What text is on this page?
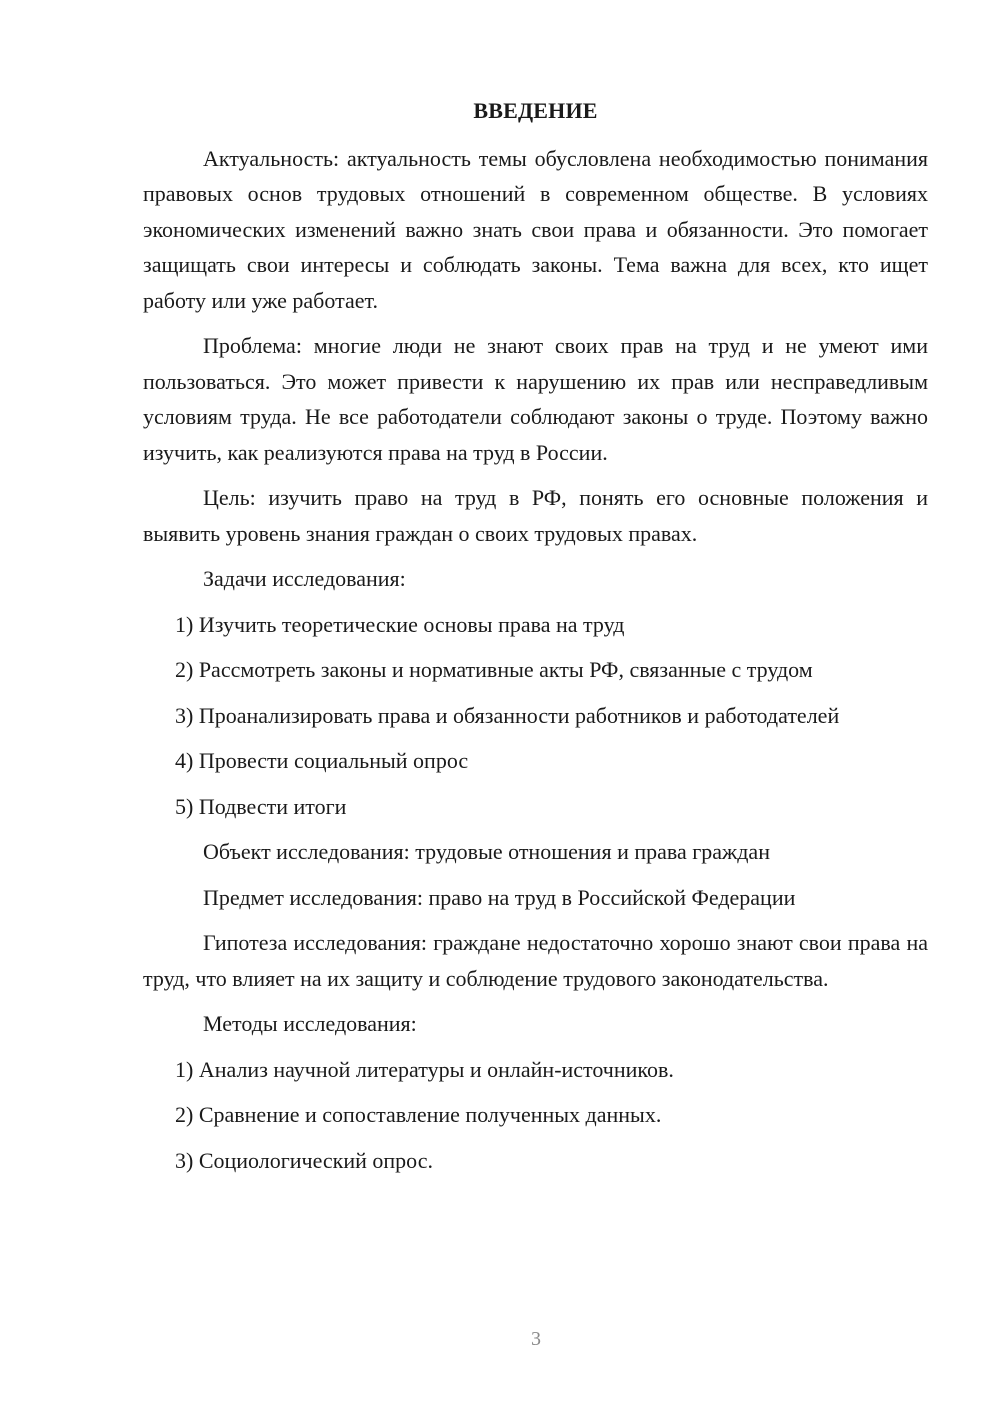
ВВЕДЕНИЕ

Актуальность: актуальность темы обусловлена необходимостью понимания правовых основ трудовых отношений в современном обществе. В условиях экономических изменений важно знать свои права и обязанности. Это помогает защищать свои интересы и соблюдать законы. Тема важна для всех, кто ищет работу или уже работает.

Проблема: многие люди не знают своих прав на труд и не умеют ими пользоваться. Это может привести к нарушению их прав или несправедливым условиям труда. Не все работодатели соблюдают законы о труде. Поэтому важно изучить, как реализуются права на труд в России.

Цель: изучить право на труд в РФ, понять его основные положения и выявить уровень знания граждан о своих трудовых правах.

Задачи исследования:
1) Изучить теоретические основы права на труд
2) Рассмотреть законы и нормативные акты РФ, связанные с трудом
3) Проанализировать права и обязанности работников и работодателей
4) Провести социальный опрос
5) Подвести итоги
Объект исследования: трудовые отношения и права граждан
Предмет исследования: право на труд в Российской Федерации

Гипотеза исследования: граждане недостаточно хорошо знают свои права на труд, что влияет на их защиту и соблюдение трудового законодательства.

Методы исследования:
1) Анализ научной литературы и онлайн-источников.
2) Сравнение и сопоставление полученных данных.
3) Социологический опрос.
3
